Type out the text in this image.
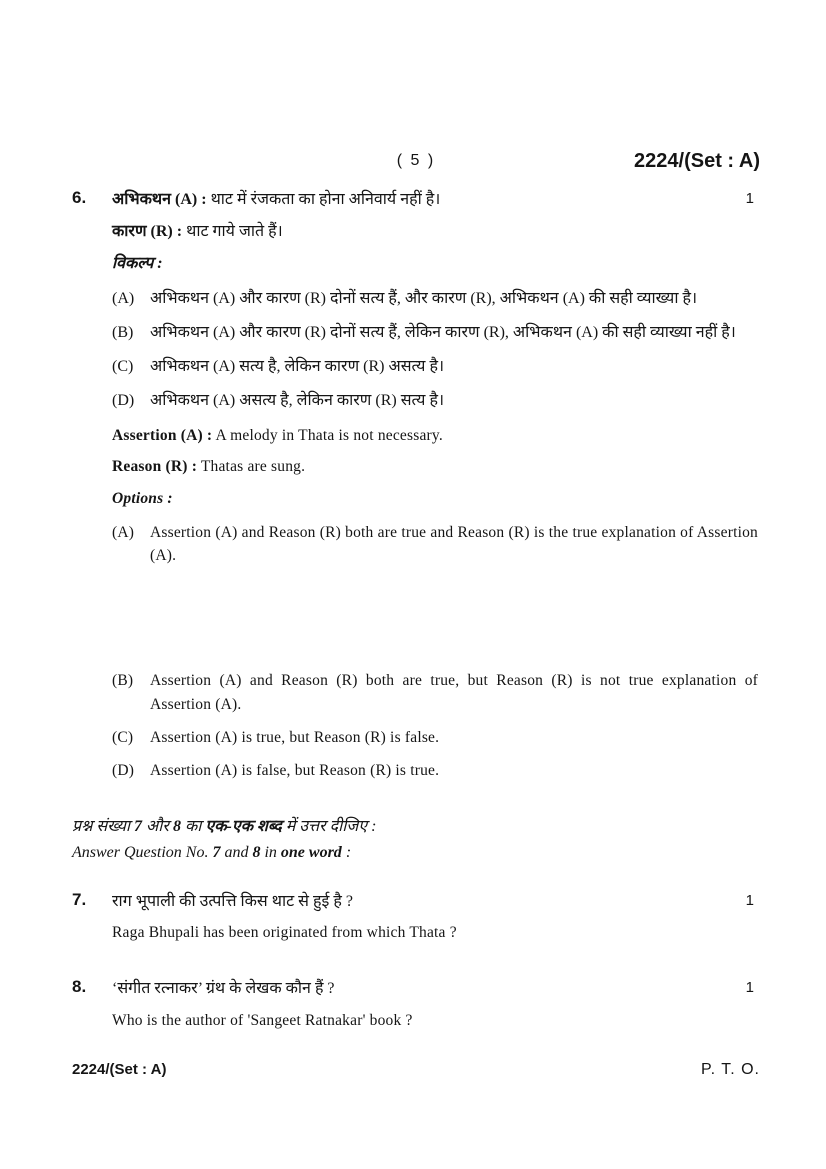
( 5 )	2224/(Set : A)
6.	अभिकथन (A) : थाट में रंजकता का होना अनिवार्य नहीं है।	1
कारण (R) : थाट गाये जाते हैं।
विकल्प :
(A) अभिकथन (A) और कारण (R) दोनों सत्य हैं, और कारण (R), अभिकथन (A) की सही व्याख्या है।
(B)	अभिकथन (A) और कारण (R) दोनों सत्य हैं, लेकिन कारण (R), अभिकथन (A) की सही व्याख्या नहीं है।
(C)	अभिकथन (A) सत्य है, लेकिन कारण (R) असत्य है।
(D) अभिकथन (A) असत्य है, लेकिन कारण (R) सत्य है।
Assertion (A) : A melody in Thata is not necessary.
Reason (R) : Thatas are sung.
Options :
(A)	Assertion (A) and Reason (R) both are true and Reason (R) is the true explanation of Assertion (A).
(B)	Assertion (A) and Reason (R) both are true, but Reason (R) is not true explanation of Assertion (A).
(C)	Assertion (A) is true, but Reason (R) is false.
(D)	Assertion (A) is false, but Reason (R) is true.
प्रश्न संख्या 7 और 8 का एक-एक शब्द में उत्तर दीजिए :
Answer Question No. 7 and 8 in one word :
7.	राग भूपाली की उत्पत्ति किस थाट से हुई है ?	1
Raga Bhupali has been originated from which Thata ?
8.	‘संगीत रत्नाकर’ ग्रंथ के लेखक कौन हैं ?	1
Who is the author of 'Sangeet Ratnakar' book ?
2224/(Set : A)	P. T. O.
